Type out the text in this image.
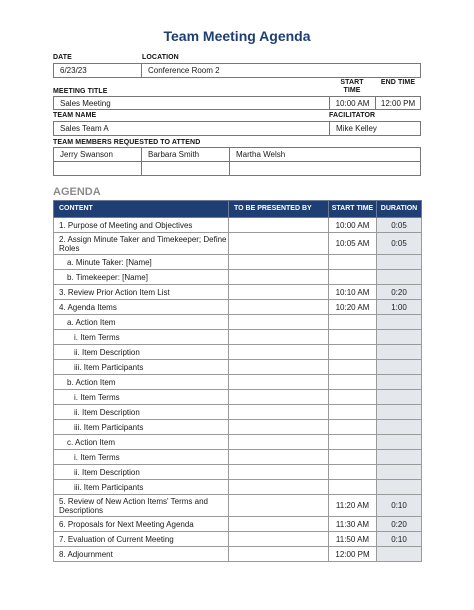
Team Meeting Agenda
DATE	LOCATION
6/23/23	Conference Room 2
MEETING TITLE
START TIME
END TIME
Sales Meeting	10:00 AM	12:00 PM
TEAM NAME	FACILITATOR
Sales Team A	Mike Kelley
TEAM MEMBERS REQUESTED TO ATTEND
Jerry Swanson	Barbara Smith	Martha Welsh
AGENDA
CONTENT	TO BE PRESENTED BY	START TIME	DURATION
1. Purpose of Meeting and Objectives		10:00 AM	0:05
2. Assign Minute Taker and Timekeeper; Define Roles		10:05 AM	0:05
a. Minute Taker: [Name]			
b. Timekeeper: [Name]			
3. Review Prior Action Item List		10:10 AM	0:20
4. Agenda Items		10:20 AM	1:00
a. Action Item			
i. Item Terms			
ii. Item Description			
iii. Item Participants			
b. Action Item			
i. Item Terms			
ii. Item Description			
iii. Item Participants			
c. Action Item			
i. Item Terms			
ii. Item Description			
iii. Item Participants			
5. Review of New Action Items' Terms and Descriptions		11:20 AM	0:10
6. Proposals for Next Meeting Agenda		11:30 AM	0:20
7. Evaluation of Current Meeting		11:50 AM	0:10
8. Adjournment		12:00 PM	
